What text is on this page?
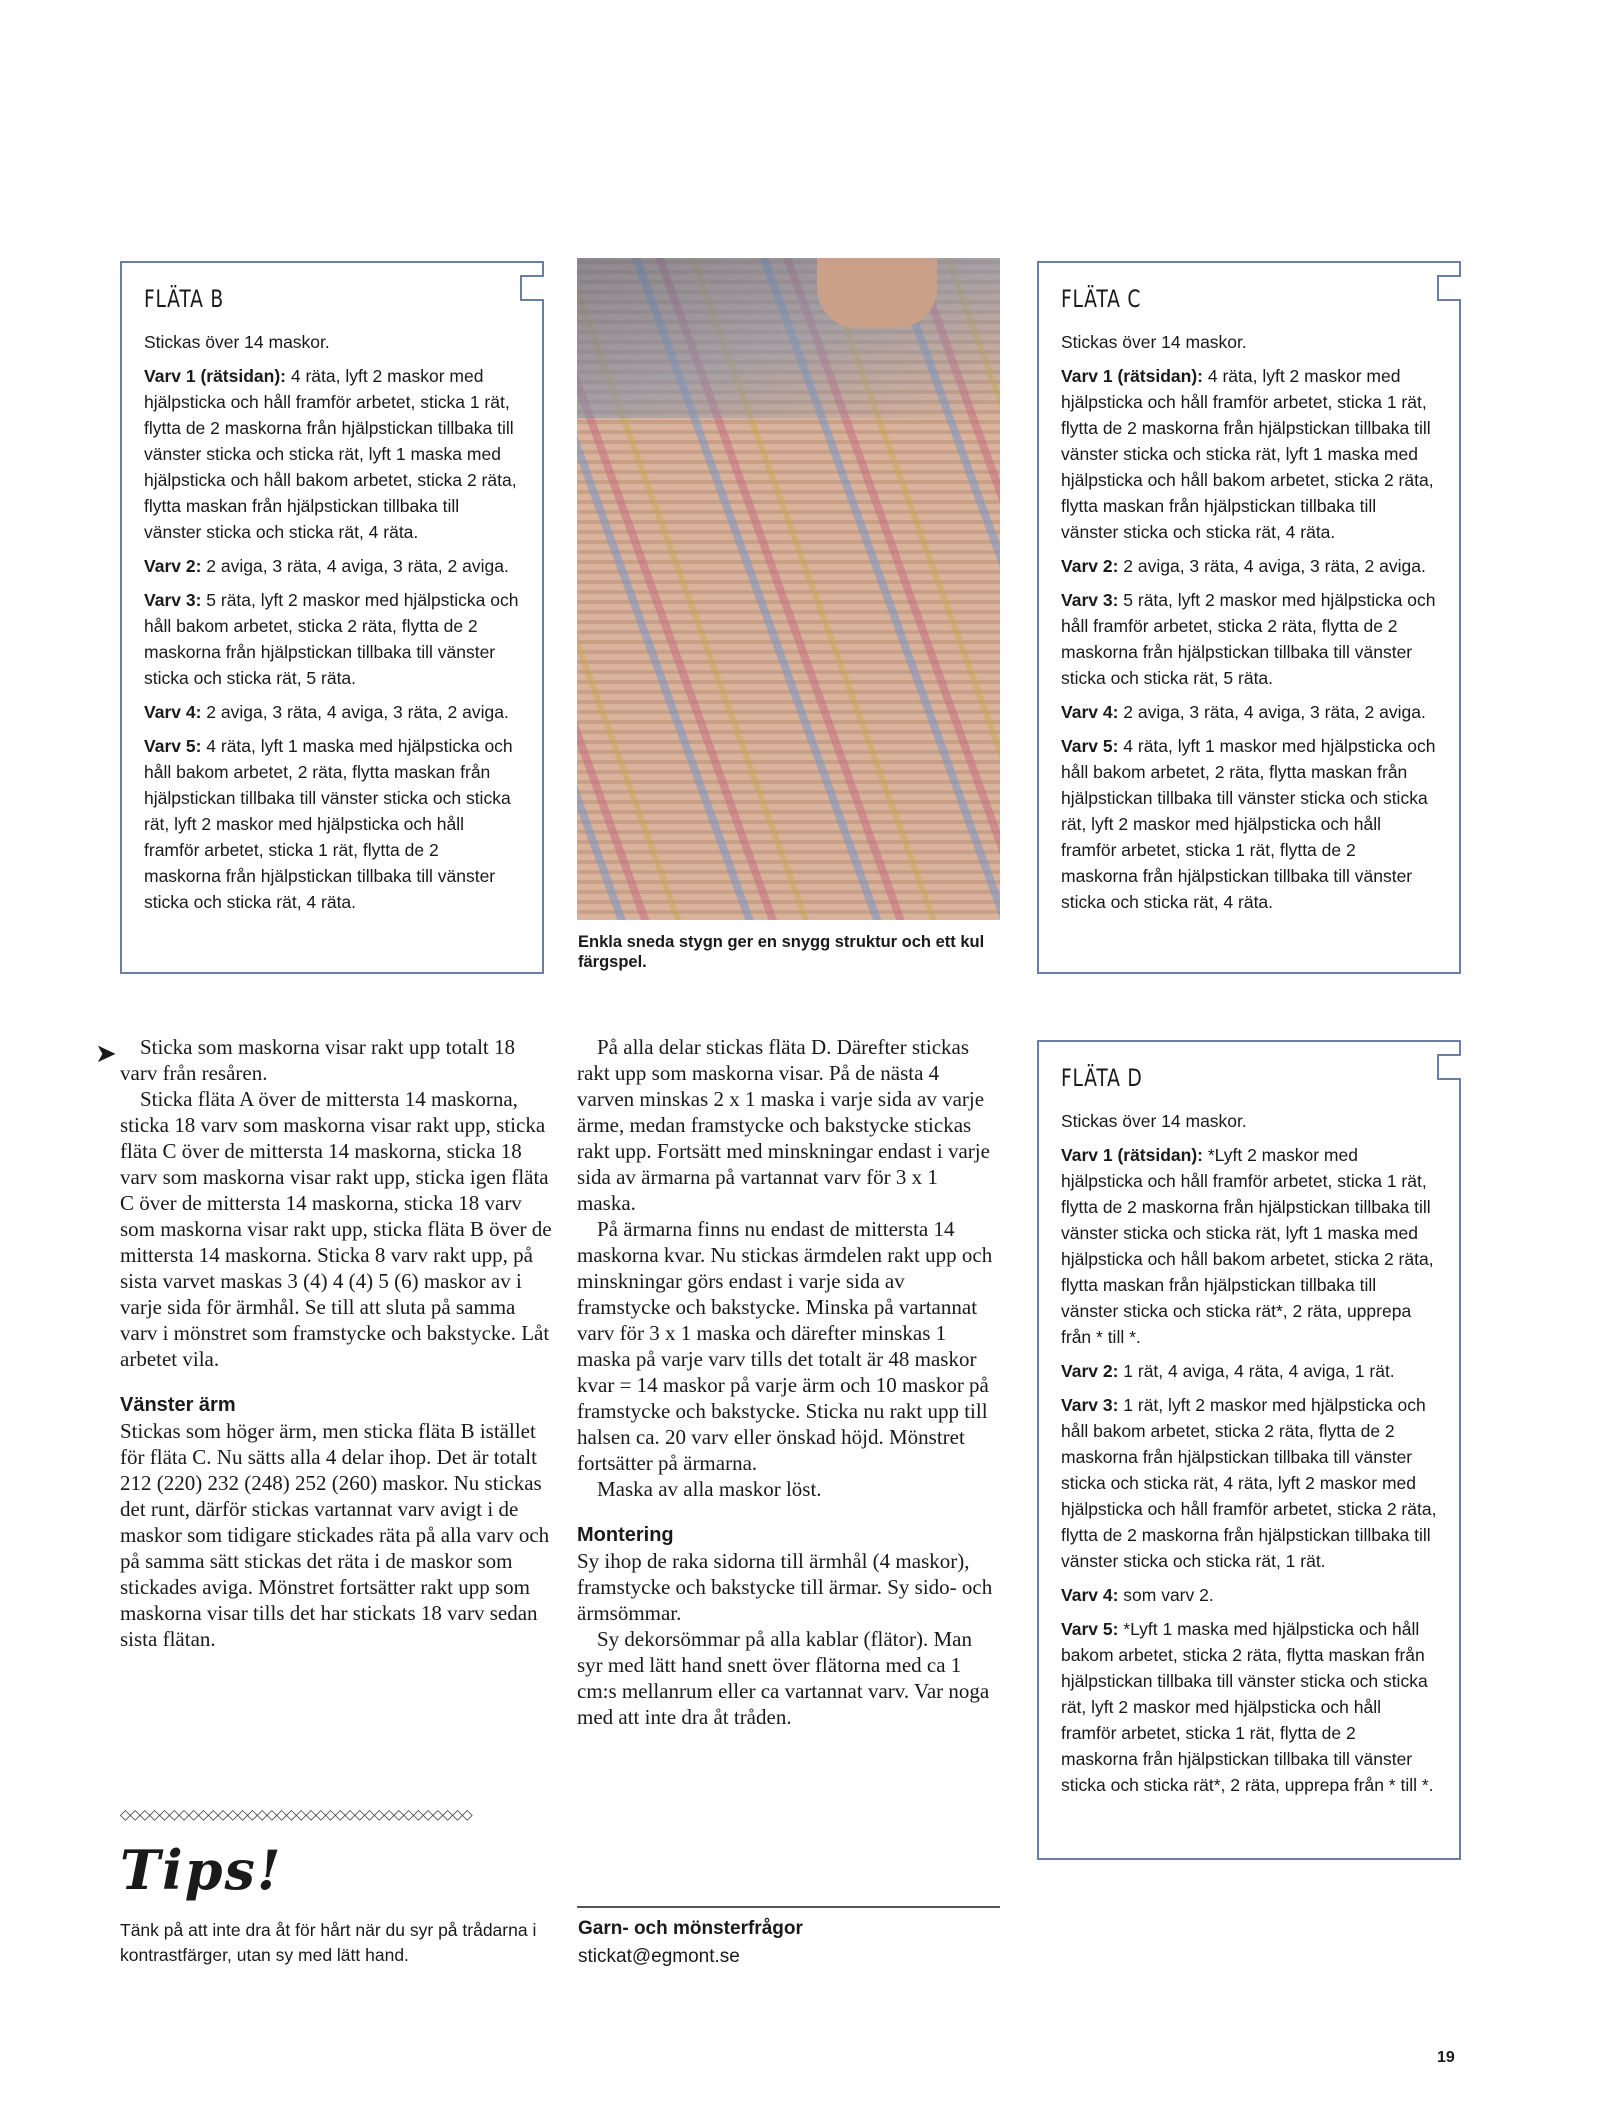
FLÄTA B

Stickas över 14 maskor.

Varv 1 (rätsidan): 4 räta, lyft 2 maskor med hjälpsticka och håll framför arbetet, sticka 1 rät, flytta de 2 maskorna från hjälpstickan tillbaka till vänster sticka och sticka rät, lyft 1 maska med hjälpsticka och håll bakom arbetet, sticka 2 räta, flytta maskan från hjälpstickan tillbaka till vänster sticka och sticka rät, 4 räta.

Varv 2: 2 aviga, 3 räta, 4 aviga, 3 räta, 2 aviga.

Varv 3: 5 räta, lyft 2 maskor med hjälpsticka och håll bakom arbetet, sticka 2 räta, flytta de 2 maskorna från hjälpstickan tillbaka till vänster sticka och sticka rät, 5 räta.

Varv 4: 2 aviga, 3 räta, 4 aviga, 3 räta, 2 aviga.

Varv 5: 4 räta, lyft 1 maska med hjälpsticka och håll bakom arbetet, 2 räta, flytta maskan från hjälpstickan tillbaka till vänster sticka och sticka rät, lyft 2 maskor med hjälpsticka och håll framför arbetet, sticka 1 rät, flytta de 2 maskorna från hjälpstickan tillbaka till vänster sticka och sticka rät, 4 räta.

Enkla sneda stygn ger en snygg struktur och ett kul färgspel.

FLÄTA C

Stickas över 14 maskor.

Varv 1 (rätsidan): 4 räta, lyft 2 maskor med hjälpsticka och håll framför arbetet, sticka 1 rät, flytta de 2 maskorna från hjälpstickan tillbaka till vänster sticka och sticka rät, lyft 1 maska med hjälpsticka och håll bakom arbetet, sticka 2 räta, flytta maskan från hjälpstickan tillbaka till vänster sticka och sticka rät, 4 räta.

Varv 2: 2 aviga, 3 räta, 4 aviga, 3 räta, 2 aviga.

Varv 3: 5 räta, lyft 2 maskor med hjälpsticka och håll framför arbetet, sticka 2 räta, flytta de 2 maskorna från hjälpstickan tillbaka till vänster sticka och sticka rät, 5 räta.

Varv 4: 2 aviga, 3 räta, 4 aviga, 3 räta, 2 aviga.

Varv 5: 4 räta, lyft 1 maskor med hjälpsticka och håll bakom arbetet, 2 räta, flytta maskan från hjälpstickan tillbaka till vänster sticka och sticka rät, lyft 2 maskor med hjälpsticka och håll framför arbetet, sticka 1 rät, flytta de 2 maskorna från hjälpstickan tillbaka till vänster sticka och sticka rät, 4 räta.

➤	Sticka som maskorna visar rakt upp totalt 18 varv från resåren.

Sticka fläta A över de mittersta 14 maskorna, sticka 18 varv som maskorna visar rakt upp, sticka fläta C över de mittersta 14 maskorna, sticka 18 varv som maskorna visar rakt upp, sticka igen fläta C över de mittersta 14 maskorna, sticka 18 varv som maskorna visar rakt upp, sticka fläta B över de mittersta 14 maskorna. Sticka 8 varv rakt upp, på sista varvet maskas 3 (4) 4 (4) 5 (6) maskor av i varje sida för ärmhål. Se till att sluta på samma varv i mönstret som framstycke och bakstycke. Låt arbetet vila.

Vänster ärm

Stickas som höger ärm, men sticka fläta B istället för fläta C. Nu sätts alla 4 delar ihop. Det är totalt 212 (220) 232 (248) 252 (260) maskor. Nu stickas det runt, därför stickas vartannat varv avigt i de maskor som tidigare stickades räta på alla varv och på samma sätt stickas det räta i de maskor som stickades aviga. Mönstret fortsätter rakt upp som maskorna visar tills det har stickats 18 varv sedan sista flätan.

På alla delar stickas fläta D. Därefter stickas rakt upp som maskorna visar. På de nästa 4 varven minskas 2 x 1 maska i varje sida av varje ärme, medan framstycke och bakstycke stickas rakt upp. Fortsätt med minskningar endast i varje sida av ärmarna på vartannat varv för 3 x 1 maska.

På ärmarna finns nu endast de mittersta 14 maskorna kvar. Nu stickas ärmdelen rakt upp och minskningar görs endast i varje sida av framstycke och bakstycke. Minska på vartannat varv för 3 x 1 maska och därefter minskas 1 maska på varje varv tills det totalt är 48 maskor kvar = 14 maskor på varje ärm och 10 maskor på framstycke och bakstycke. Sticka nu rakt upp till halsen ca. 20 varv eller önskad höjd. Mönstret fortsätter på ärmarna.

Maska av alla maskor löst.

Montering

Sy ihop de raka sidorna till ärmhål (4 maskor), framstycke och bakstycke till ärmar. Sy sido- och ärmsömmar.

Sy dekorsömmar på alla kablar (flätor). Man syr med lätt hand snett över flätorna med ca 1 cm:s mellanrum eller ca vartannat varv. Var noga med att inte dra åt tråden.

FLÄTA D

Stickas över 14 maskor.

Varv 1 (rätsidan): *Lyft 2 maskor med hjälpsticka och håll framför arbetet, sticka 1 rät, flytta de 2 maskorna från hjälpstickan tillbaka till vänster sticka och sticka rät, lyft 1 maska med hjälpsticka och håll bakom arbetet, sticka 2 räta, flytta maskan från hjälpstickan tillbaka till vänster sticka och sticka rät*, 2 räta, upprepa från * till *.

Varv 2: 1 rät, 4 aviga, 4 räta, 4 aviga, 1 rät.

Varv 3: 1 rät, lyft 2 maskor med hjälpsticka och håll bakom arbetet, sticka 2 räta, flytta de 2 maskorna från hjälpstickan tillbaka till vänster sticka och sticka rät, 4 räta, lyft 2 maskor med hjälpsticka och håll framför arbetet, sticka 2 räta, flytta de 2 maskorna från hjälpstickan tillbaka till vänster sticka och sticka rät, 1 rät.

Varv 4: som varv 2.

Varv 5: *Lyft 1 maska med hjälpsticka och håll bakom arbetet, sticka 2 räta, flytta maskan från hjälpstickan tillbaka till vänster sticka och sticka rät, lyft 2 maskor med hjälpsticka och håll framför arbetet, sticka 1 rät, flytta de 2 maskorna från hjälpstickan tillbaka till vänster sticka och sticka rät*, 2 räta, upprepa från * till *.

◇◇◇◇◇◇◇◇◇◇◇◇◇◇◇◇◇◇◇◇◇◇◇◇◇◇◇◇◇◇◇◇◇◇◇◇
Tips!

Tänk på att inte dra åt för hårt när du syr på trådarna i kontrastfärger, utan sy med lätt hand.

Garn- och mönsterfrågor
stickat@egmont.se
19
